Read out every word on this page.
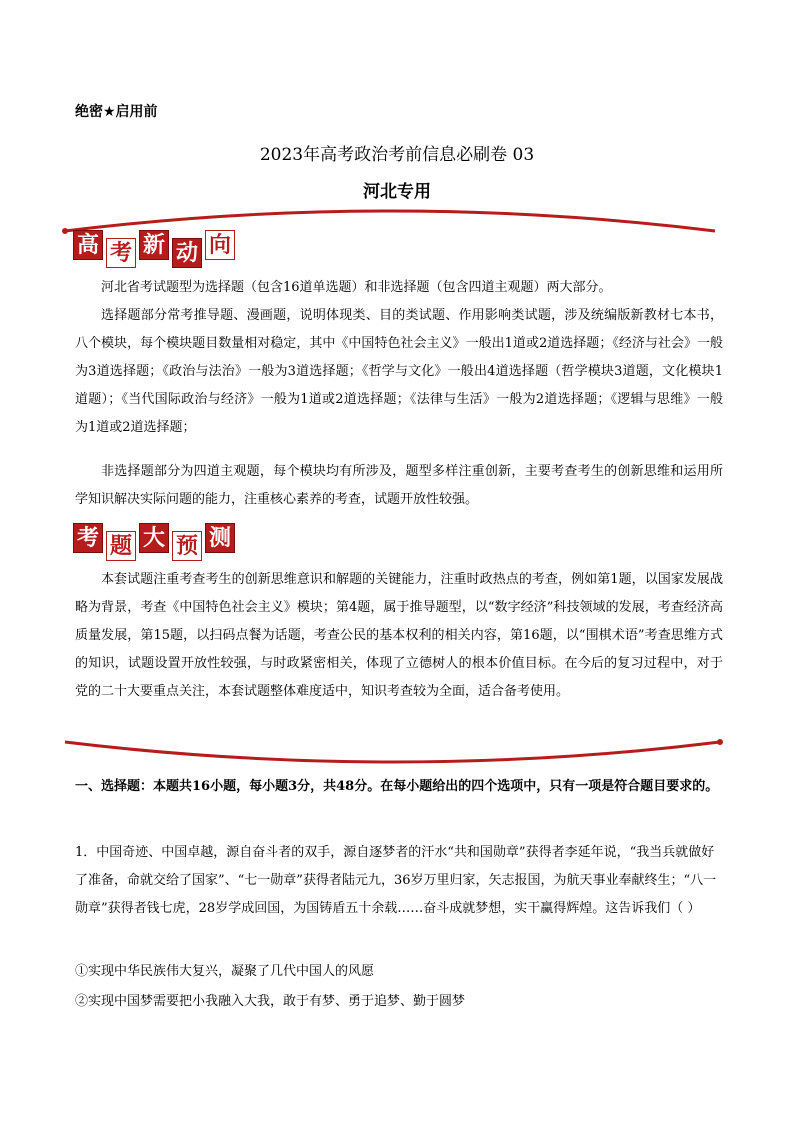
绝密★启用前
2023年高考政治考前信息必刷卷 03
河北专用
高 考 新 动 向

河北省考试题型为选择题（包含16道单选题）和非选择题（包含四道主观题）两大部分。

选择题部分常考推导题、漫画题，说明体现类、目的类试题、作用影响类试题，涉及统编版新教材七本书，八个模块，每个模块题目数量相对稳定，其中《中国特色社会主义》一般出1道或2道选择题；《经济与社会》一般为3道选择题；《政治与法治》一般为3道选择题；《哲学与文化》一般出4道选择题（哲学模块3道题，文化模块1道题）；《当代国际政治与经济》一般为1道或2道选择题；《法律与生活》一般为2道选择题；《逻辑与思维》一般为1道或2道选择题；

非选择题部分为四道主观题，每个模块均有所涉及，题型多样注重创新，主要考查考生的创新思维和运用所学知识解决实际问题的能力，注重核心素养的考查，试题开放性较强。

考 题 大 预 测

本套试题注重考查考生的创新思维意识和解题的关键能力，注重时政热点的考查，例如第1题，以国家发展战略为背景，考查《中国特色社会主义》模块；第4题，属于推导题型，以“数字经济”科技领域的发展，考查经济高质量发展，第15题，以扫码点餐为话题，考查公民的基本权利的相关内容，第16题，以“围棋术语”考查思维方式的知识，试题设置开放性较强，与时政紧密相关，体现了立德树人的根本价值目标。在今后的复习过程中，对于党的二十大要重点关注，本套试题整体难度适中，知识考查较为全面，适合备考使用。

一、选择题：本题共16小题，每小题3分，共48分。在每小题给出的四个选项中，只有一项是符合题目要求的。

1．中国奇迹、中国卓越，源自奋斗者的双手，源自逐梦者的汗水“共和国勋章”获得者李延年说，“我当兵就做好了准备，命就交给了国家”、“七一勋章”获得者陆元九，36岁万里归家，矢志报国，为航天事业奉献终生；“八一勋章”获得者钱七虎，28岁学成回国，为国铸盾五十余载……奋斗成就梦想，实干赢得辉煌。这告诉我们（ ）

①实现中华民族伟大复兴，凝聚了几代中国人的风愿

②实现中国梦需要把小我融入大我，敢于有梦、勇于追梦、勤于圆梦
